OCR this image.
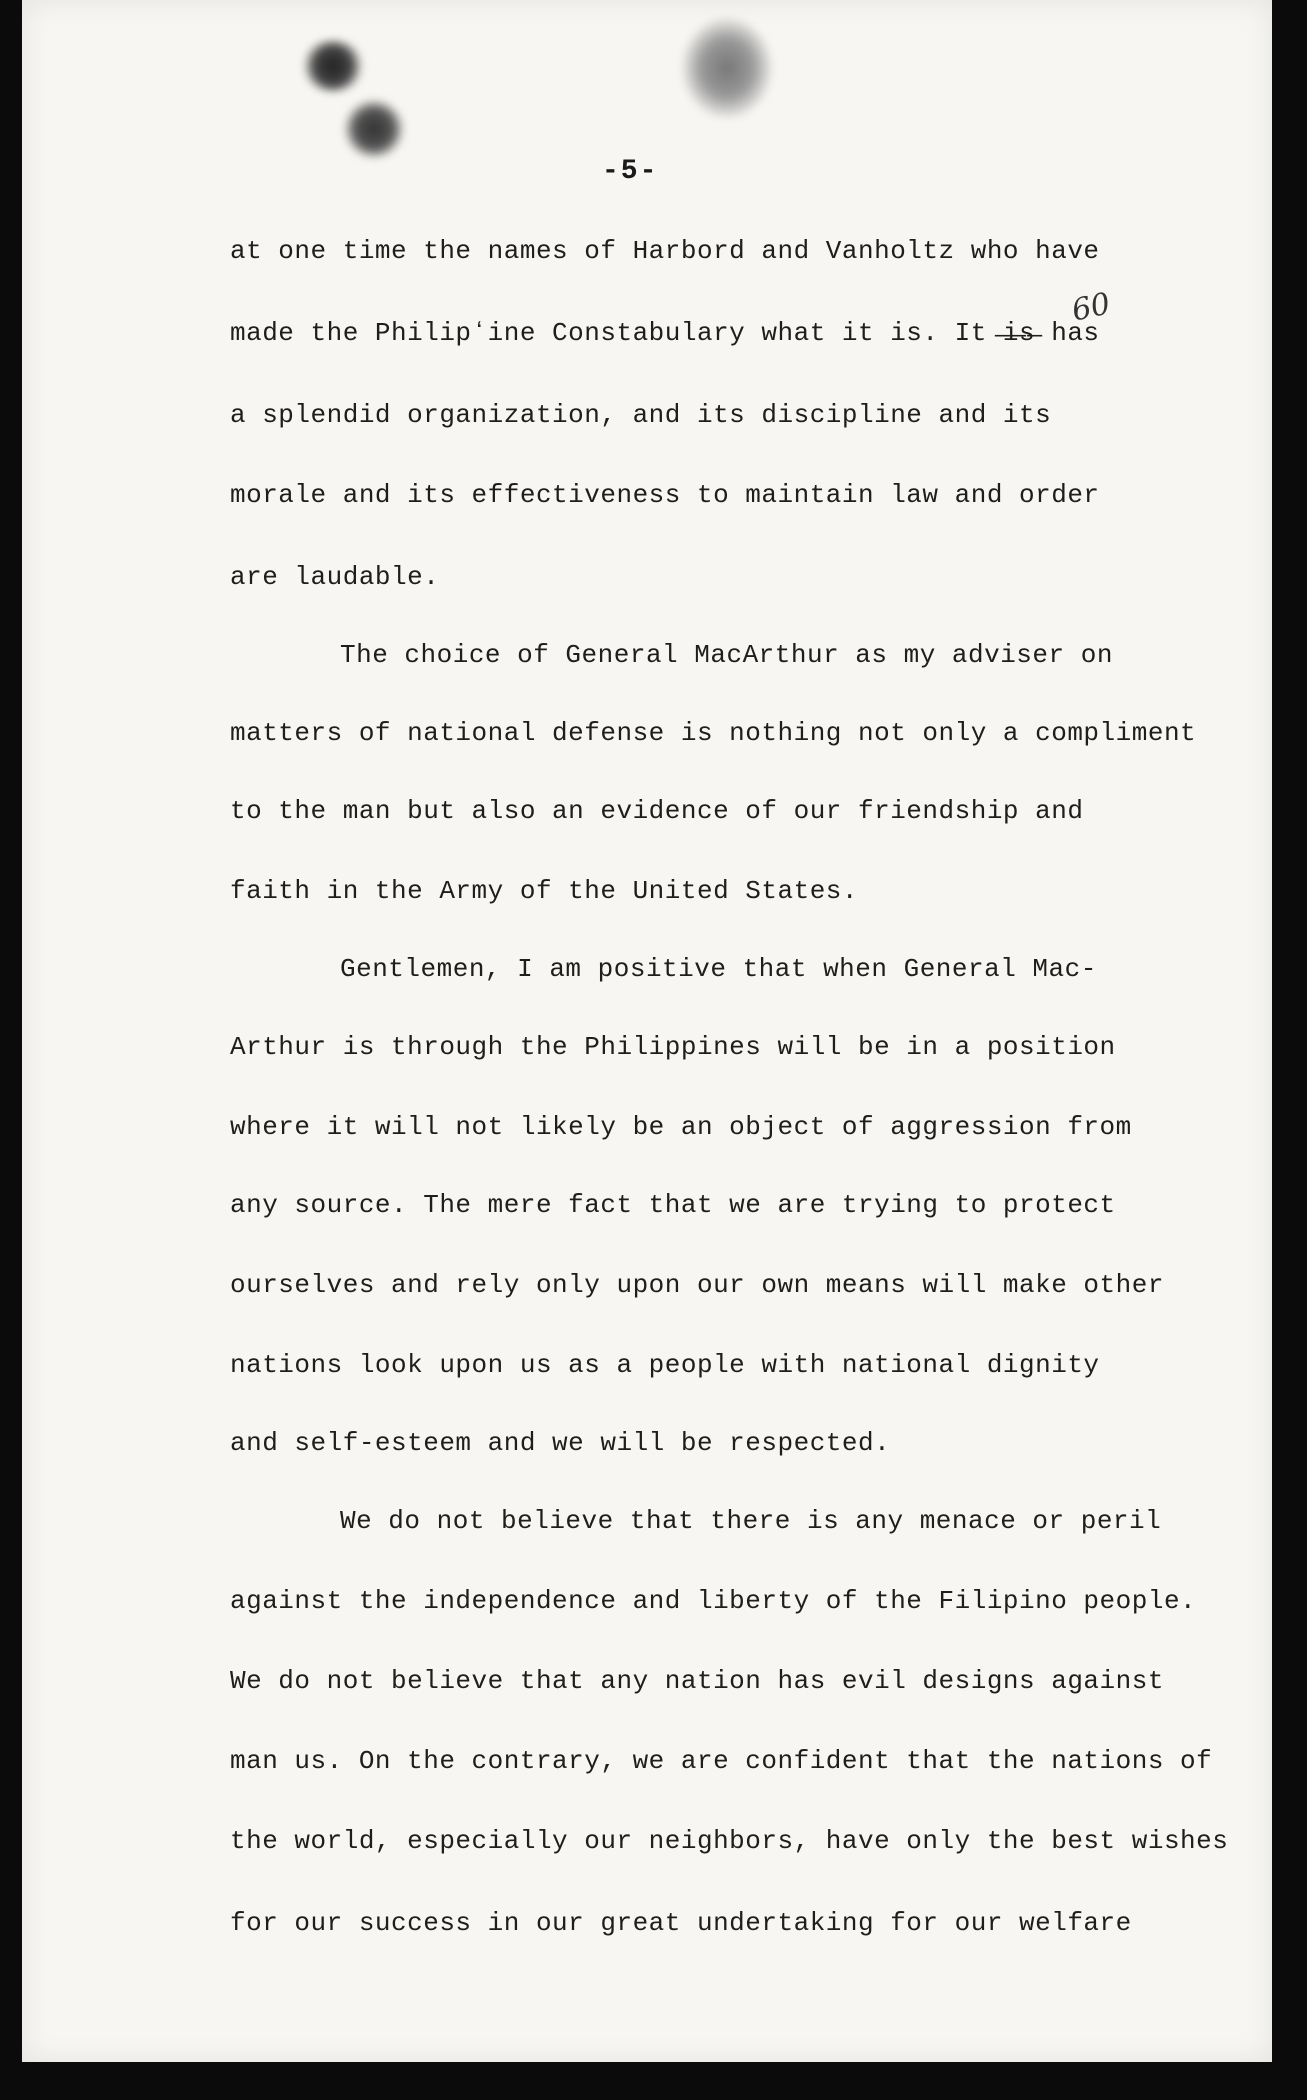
-5-
60
at one time the names of Harbord and Vanholtz who have
made the Philipʻine Constabulary what it is. It ̶i̶s̶ has
a splendid organization, and its discipline and its
morale and its effectiveness to maintain law and order
are laudable.
The choice of General MacArthur as my adviser on
matters of national defense is nothing not only a compliment
to the man but also an evidence of our friendship and
faith in the Army of the United States.
Gentlemen, I am positive that when General Mac-
Arthur is through the Philippines will be in a position
where it will not likely be an object of aggression from
any source. The mere fact that we are trying to protect
ourselves and rely only upon our own means will make other
nations look upon us as a people with national dignity
and self-esteem and we will be respected.
We do not believe that there is any menace or peril
against the independence and liberty of the Filipino people.
We do not believe that any nation has evil designs against
man us. On the contrary, we are confident that the nations of
the world, especially our neighbors, have only the best wishes
for our success in our great undertaking for our welfare
